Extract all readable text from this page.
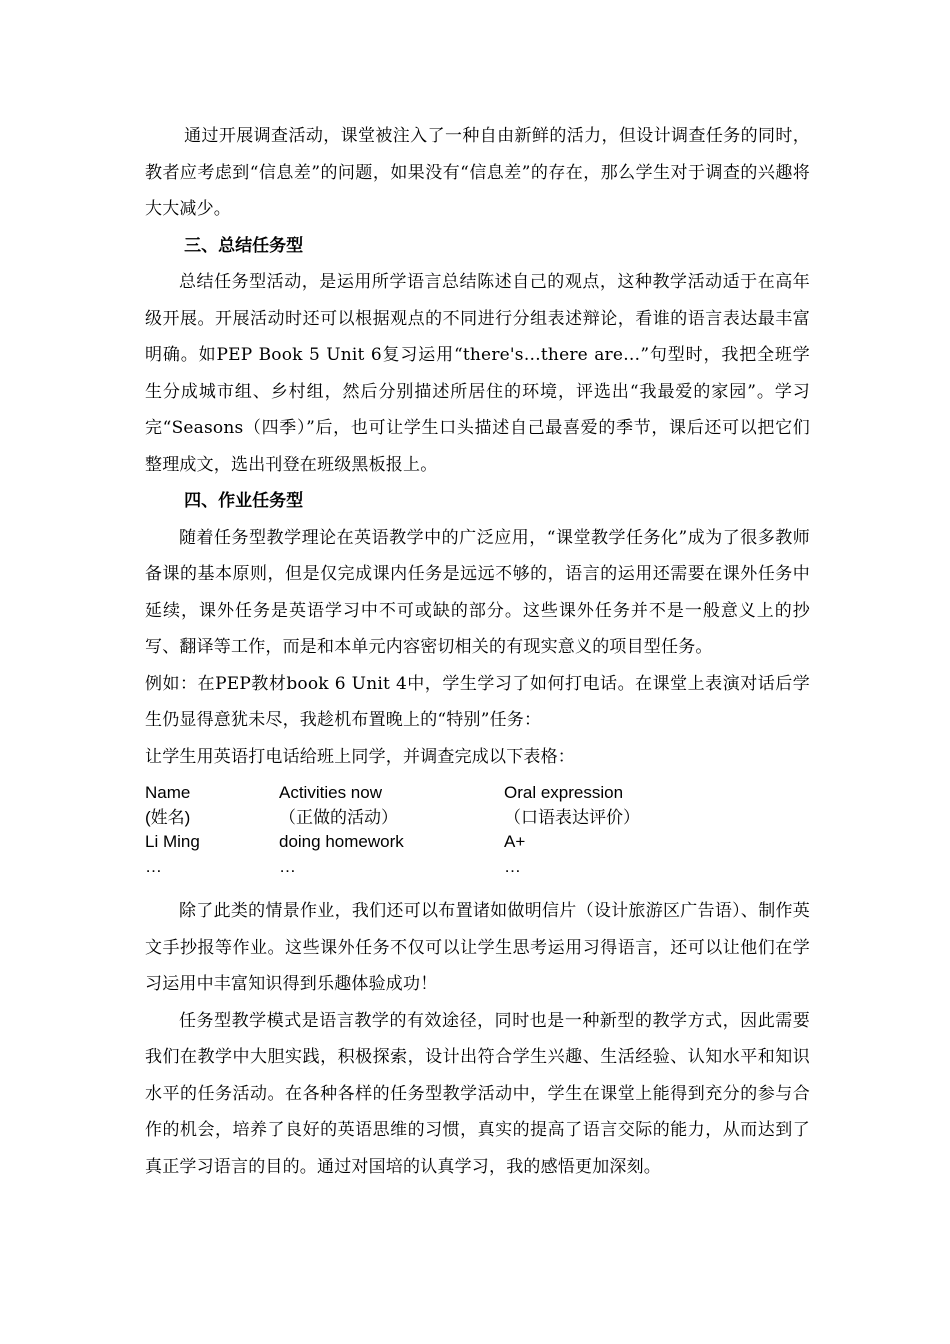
通过开展调查活动，课堂被注入了一种自由新鲜的活力，但设计调查任务的同时，教者应考虑到“信息差”的问题，如果没有“信息差”的存在，那么学生对于调查的兴趣将大大减少。

三、总结任务型

总结任务型活动，是运用所学语言总结陈述自己的观点，这种教学活动适于在高年级开展。开展活动时还可以根据观点的不同进行分组表述辩论，看谁的语言表达最丰富明确。如PEP Book 5 Unit 6复习运用“there's…there are…”句型时，我把全班学生分成城市组、乡村组，然后分别描述所居住的环境，评选出“我最爱的家园”。学习完“Seasons（四季）”后，也可让学生口头描述自己最喜爱的季节，课后还可以把它们整理成文，选出刊登在班级黑板报上。

四、作业任务型

随着任务型教学理论在英语教学中的广泛应用，“课堂教学任务化”成为了很多教师备课的基本原则，但是仅完成课内任务是远远不够的，语言的运用还需要在课外任务中延续，课外任务是英语学习中不可或缺的部分。这些课外任务并不是一般意义上的抄写、翻译等工作，而是和本单元内容密切相关的有现实意义的项目型任务。

例如：在PEP教材book 6 Unit 4中，学生学习了如何打电话。在课堂上表演对话后学生仍显得意犹未尽，我趁机布置晚上的“特别”任务：

让学生用英语打电话给班上同学，并调查完成以下表格：

Name	Activities now	Oral expression
(姓名)	（正做的活动）	（口语表达评价）
Li Ming	doing homework	A+
…	…	…

除了此类的情景作业，我们还可以布置诸如做明信片（设计旅游区广告语）、制作英文手抄报等作业。这些课外任务不仅可以让学生思考运用习得语言，还可以让他们在学习运用中丰富知识得到乐趣体验成功！

任务型教学模式是语言教学的有效途径，同时也是一种新型的教学方式，因此需要我们在教学中大胆实践，积极探索，设计出符合学生兴趣、生活经验、认知水平和知识水平的任务活动。在各种各样的任务型教学活动中，学生在课堂上能得到充分的参与合作的机会，培养了良好的英语思维的习惯，真实的提高了语言交际的能力，从而达到了真正学习语言的目的。通过对国培的认真学习，我的感悟更加深刻。
